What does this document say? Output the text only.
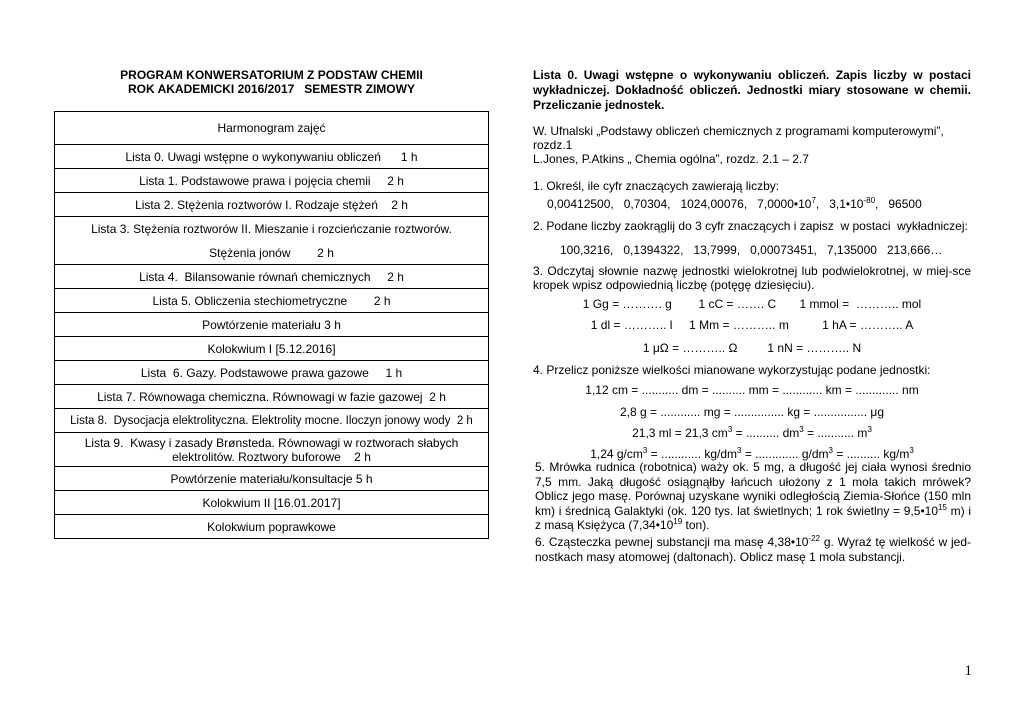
PROGRAM KONWERSATORIUM Z PODSTAW CHEMII
ROK AKADEMICKI 2016/2017   SEMESTR ZIMOWY
Harmonogram zajęć
Lista 0. Uwagi wstępne o wykonywaniu obliczeń      1 h
Lista 1. Podstawowe prawa i pojęcia chemii     2 h
Lista 2. Stężenia roztworów I. Rodzaje stężeń    2 h
Lista 3. Stężenia roztworów II. Mieszanie i rozcieńczanie roztworów.

Stężenia jonów        2 h
Lista 4.  Bilansowanie równań chemicznych     2 h
Lista 5. Obliczenia stechiometryczne        2 h
Powtórzenie materiału 3 h
Kolokwium I [5.12.2016]
Lista  6. Gazy. Podstawowe prawa gazowe     1 h
Lista 7. Równowaga chemiczna. Równowagi w fazie gazowej  2 h
Lista 8.  Dysocjacja elektrolityczna. Elektrolity mocne. Iloczyn jonowy wody  2 h
Lista 9.  Kwasy i zasady Brønsteda. Równowagi w roztworach słabych elektrolitów. Roztwory buforowe    2 h
Powtórzenie materiału/konsultacje 5 h
Kolokwium II [16.01.2017]
Kolokwium poprawkowe
Lista 0. Uwagi wstępne o wykonywaniu obliczeń. Zapis liczby w postaci wykładniczej. Dokładność obliczeń. Jednostki miary stosowane w chemii. Przeliczanie jednostek.
W. Ufnalski „Podstawy obliczeń chemicznych z programami komputerowymi”,
rozdz.1
L.Jones, P.Atkins „ Chemia ogólna”, rozdz. 2.1 – 2.7
1. Określ, ile cyfr znaczących zawierają liczby:
0,00412500,   0,70304,   1024,00076,   $7,0000•10^7$,   $3,1•10^{-80}$,   96500
2. Podane liczby zaokrąglij do 3 cyfr znaczących i zapisz  w postaci  wykładniczej:
100,3216,   0,1394322,   13,7999,   0,00073451,   7,135000   213,666…
3. Odczytaj słownie nazwę jednostki wielokrotnej lub podwielokrotnej, w miej-sce kropek wpisz odpowiednią liczbę (potęgę dziesięciu).
1 Gg = ………. g        1 cC = ……. C       1 mmol =  ……….. mol
1 dl = ……….. l     1 Mm = ……….. m          1 hA = ……….. A
1 μΩ = ……….. Ω         1 nN = ……….. N
4. Przelicz poniższe wielkości mianowane wykorzystując podane jednostki:
1,12 cm = ........... dm = .......... mm = ............ km = ............. nm
2,8 g = ............ mg = ............... kg = ................ μg
21,3 ml = 21,3 $cm^3$ = .......... $dm^3$ = ........... $m^3$
1,24 $g/cm^3$ = ............ $kg/dm^3$ = ............. $g/dm^3$ = .......... $kg/m^3$
5. Mrówka rudnica (robotnica) waży ok. 5 mg, a długość jej ciała wynosi średnio 7,5 mm. Jaką długość osiągnąłby łańcuch ułożony z 1 mola takich mrówek? Oblicz jego masę. Porównaj uzyskane wyniki odległością Ziemia-Słońce (150 mln km) i średnicą Galaktyki (ok. 120 tys. lat świetlnych; 1 rok świetlny = $9,5•10^{15}$ m) i z masą Księżyca ($7,34•10^{19}$ ton).
6. Cząsteczka pewnej substancji ma masę $4,38•10^{-22}$ g. Wyraź tę wielkość w jed-nostkach masy atomowej (daltonach). Oblicz masę 1 mola substancji.
1
